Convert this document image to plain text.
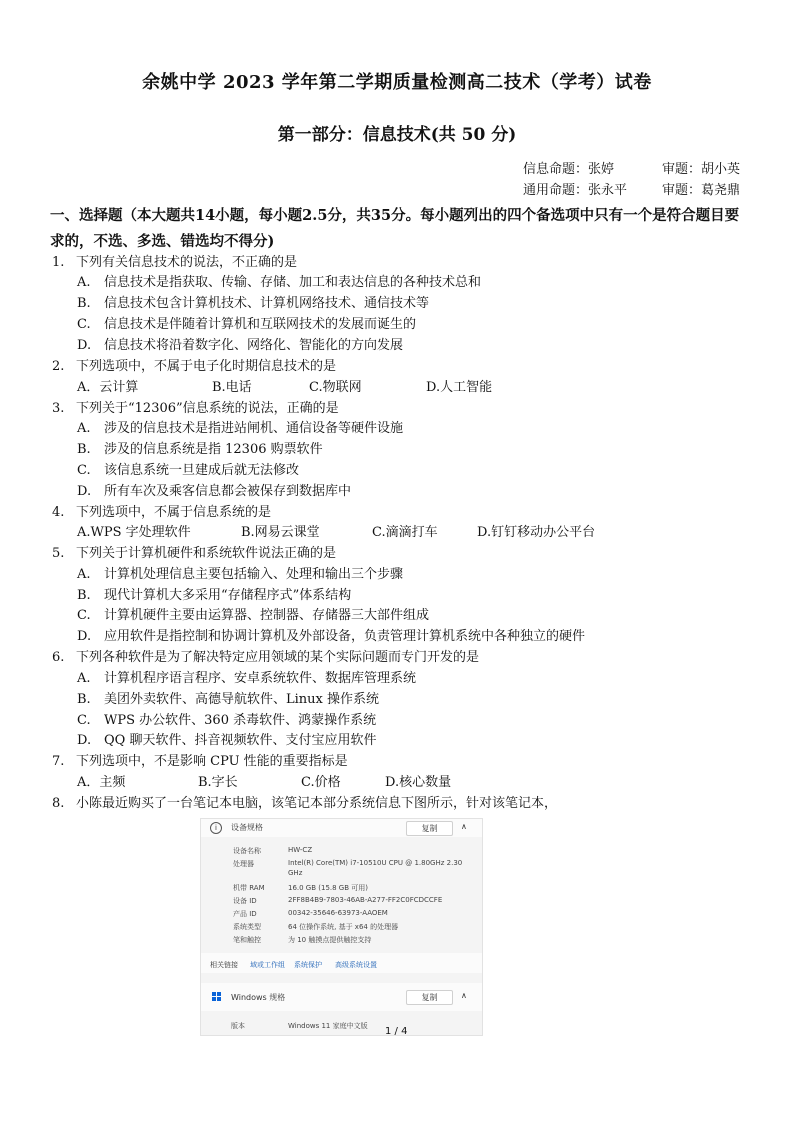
余姚中学 2023 学年第二学期质量检测高二技术（学考）试卷
第一部分：信息技术(共 50 分)
信息命题：张婷	审题：胡小英
通用命题：张永平	审题：葛尧鼎
一、选择题（本大题共14小题，每小题2.5分，共35分。每小题列出的四个备选项中只有一个是符合题目要求的，不选、多选、错选均不得分)
1. 下列有关信息技术的说法，不正确的是
A. 信息技术是指获取、传输、存储、加工和表达信息的各种技术总和
B. 信息技术包含计算机技术、计算机网络技术、通信技术等
C. 信息技术是伴随着计算机和互联网技术的发展而诞生的
D. 信息技术将沿着数字化、网络化、智能化的方向发展
2. 下列选项中，不属于电子化时期信息技术的是
A．云计算	B.电话	C.物联网	D.人工智能
3. 下列关于“12306”信息系统的说法，正确的是
A. 涉及的信息技术是指进站闸机、通信设备等硬件设施
B. 涉及的信息系统是指 12306 购票软件
C. 该信息系统一旦建成后就无法修改
D. 所有车次及乘客信息都会被保存到数据库中
4. 下列选项中，不属于信息系统的是
A.WPS 字处理软件	B.网易云课堂	C.滴滴打车	D.钉钉移动办公平台
5. 下列关于计算机硬件和系统软件说法正确的是
A. 计算机处理信息主要包括输入、处理和输出三个步骤
B. 现代计算机大多采用“存储程序式”体系结构
C. 计算机硬件主要由运算器、控制器、存储器三大部件组成
D. 应用软件是指控制和协调计算机及外部设备，负责管理计算机系统中各种独立的硬件
6. 下列各种软件是为了解决特定应用领域的某个实际问题而专门开发的是
A. 计算机程序语言程序、安卓系统软件、数据库管理系统
B. 美团外卖软件、高德导航软件、Linux 操作系统
C. WPS 办公软件、360 杀毒软件、鸿蒙操作系统
D. QQ 聊天软件、抖音视频软件、支付宝应用软件
7. 下列选项中，不是影响 CPU 性能的重要指标是
A．主频	B.字长	C.价格	D.核心数量
8. 小陈最近购买了一台笔记本电脑，该笔记本部分系统信息下图所示，针对该笔记本，
i	设备规格	复制	∧
设备名称	HW-CZ
处理器	Intel(R) Core(TM) i7-10510U CPU @ 1.80GHz 2.30
GHz
机带 RAM	16.0 GB (15.8 GB 可用)
设备 ID	2FF8B4B9-7803-46AB-A277-FF2C0FCDCCFE
产品 ID	00342-35646-63973-AAOEM
系统类型	64 位操作系统, 基于 x64 的处理器
笔和触控	为 10 触摸点提供触控支持
相关链接 域或工作组 系统保护 高级系统设置
Windows 规格	复制	∧
版本	Windows 11 家庭中文版 1 / 4
